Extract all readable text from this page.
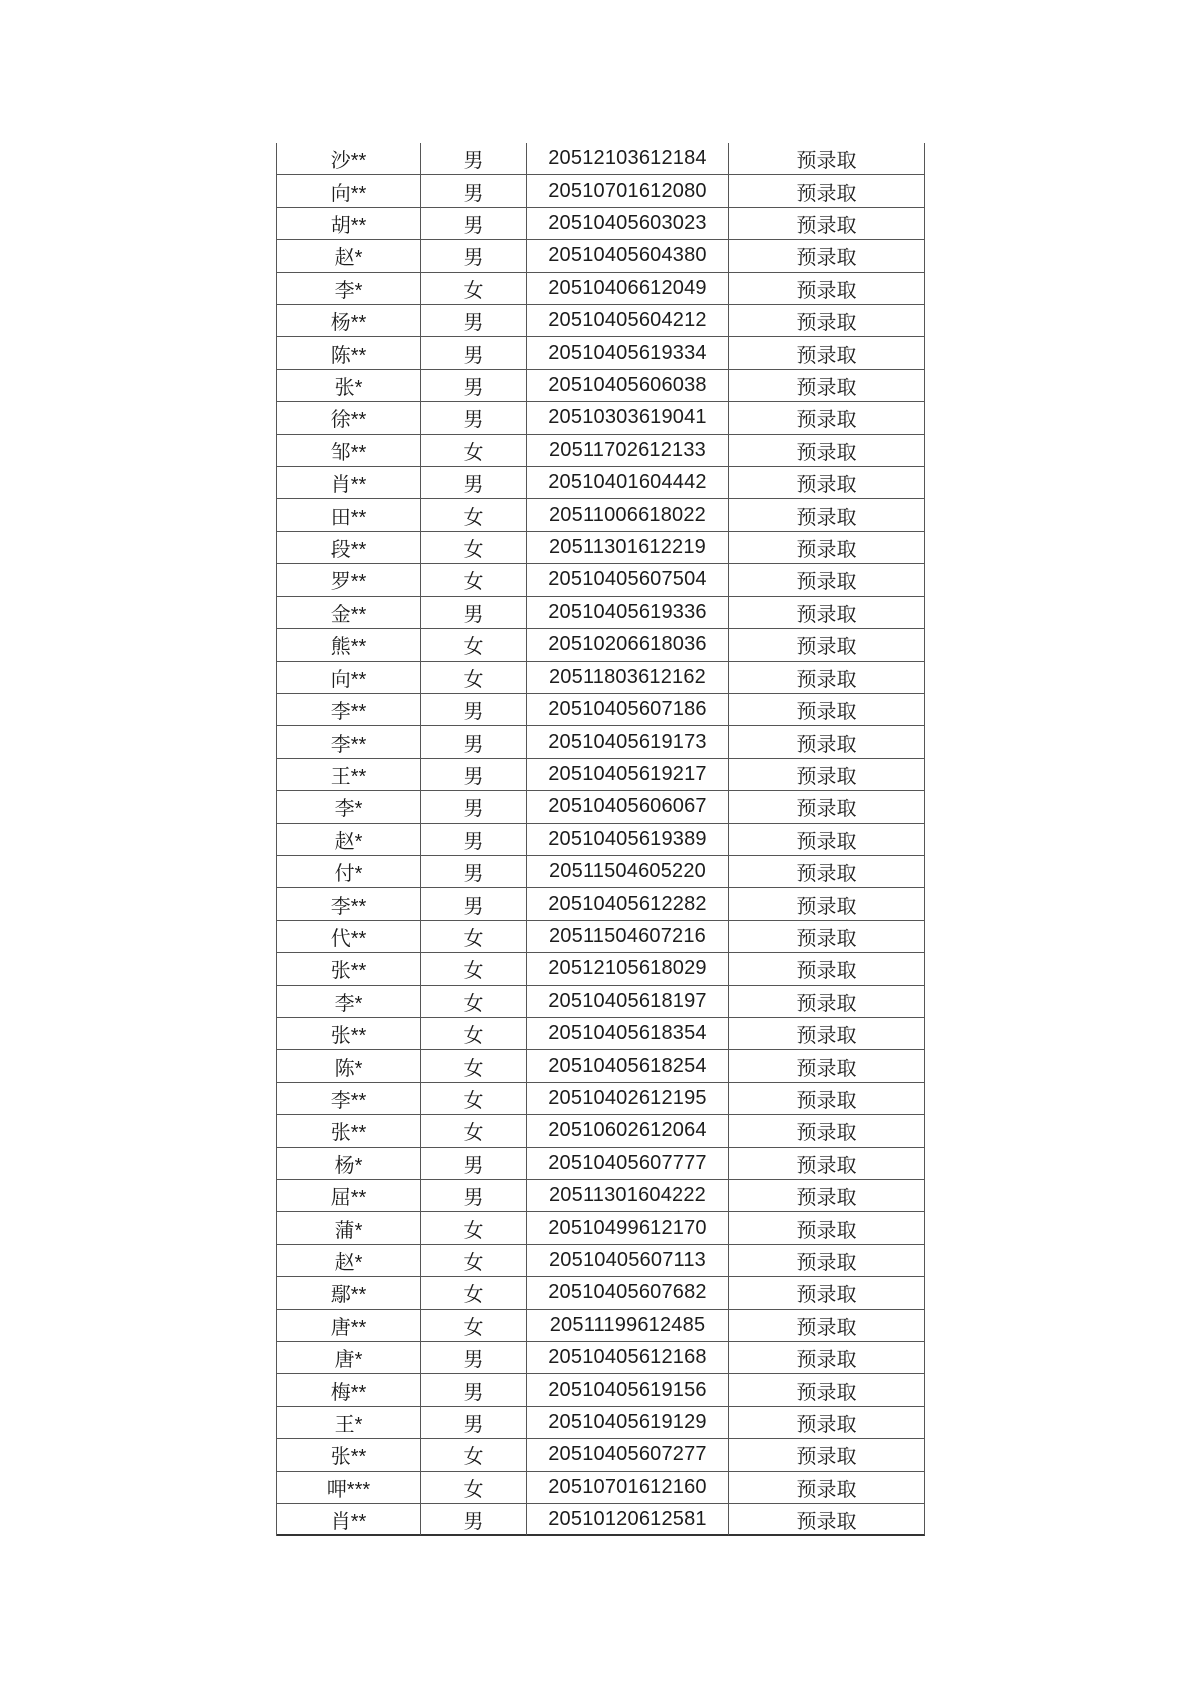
沙**	男	20512103612184	预录取
向**	男	20510701612080	预录取
胡**	男	20510405603023	预录取
赵*	男	20510405604380	预录取
李*	女	20510406612049	预录取
杨**	男	20510405604212	预录取
陈**	男	20510405619334	预录取
张*	男	20510405606038	预录取
徐**	男	20510303619041	预录取
邹**	女	20511702612133	预录取
肖**	男	20510401604442	预录取
田**	女	20511006618022	预录取
段**	女	20511301612219	预录取
罗**	女	20510405607504	预录取
金**	男	20510405619336	预录取
熊**	女	20510206618036	预录取
向**	女	20511803612162	预录取
李**	男	20510405607186	预录取
李**	男	20510405619173	预录取
王**	男	20510405619217	预录取
李*	男	20510405606067	预录取
赵*	男	20510405619389	预录取
付*	男	20511504605220	预录取
李**	男	20510405612282	预录取
代**	女	20511504607216	预录取
张**	女	20512105618029	预录取
李*	女	20510405618197	预录取
张**	女	20510405618354	预录取
陈*	女	20510405618254	预录取
李**	女	20510402612195	预录取
张**	女	20510602612064	预录取
杨*	男	20510405607777	预录取
屈**	男	20511301604222	预录取
蒲*	女	20510499612170	预录取
赵*	女	20510405607113	预录取
鄢**	女	20510405607682	预录取
唐**	女	20511199612485	预录取
唐*	男	20510405612168	预录取
梅**	男	20510405619156	预录取
王*	男	20510405619129	预录取
张**	女	20510405607277	预录取
呷***	女	20510701612160	预录取
肖**	男	20510120612581	预录取
